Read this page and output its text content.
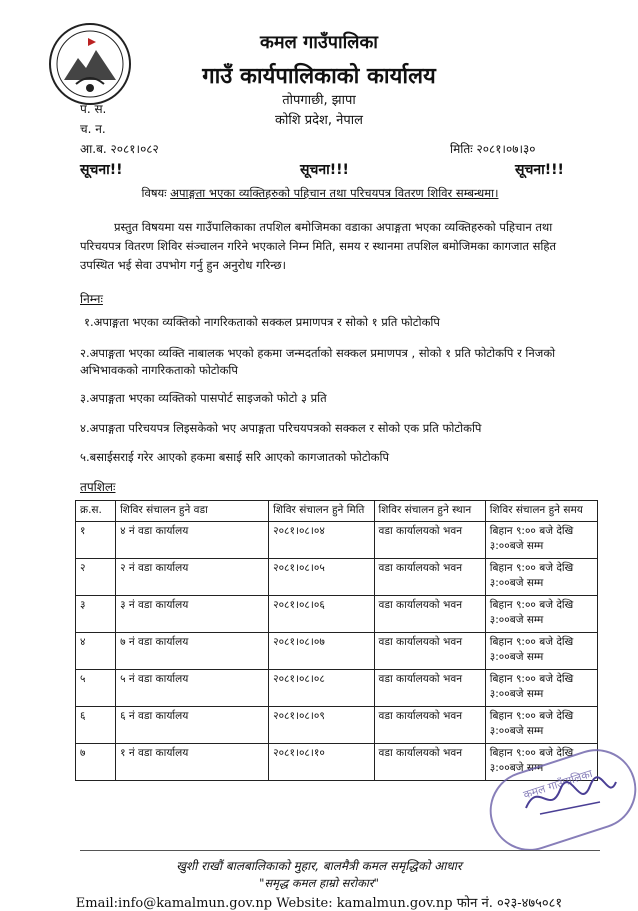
कमल गाउँपालिका
गाउँ कार्यपालिकाको कार्यालय
तोपगाछी, झापा
कोशि प्रदेश, नेपाल
प. स.
च. न.
आ.ब. २०८१।०८२	मितिः २०८१।०७।३०
सूचना!!	सूचना!!!	सूचना!!!
विषयः अपाङ्गता भएका व्यक्तिहरुको पहिचान तथा परिचयपत्र वितरण शिविर सम्बन्धमा।
प्रस्तुत विषयमा यस गाउँपालिकाका तपशिल बमोजिमका वडाका अपाङ्गता भएका व्यक्तिहरुको पहिचान तथा परिचयपत्र वितरण शिविर संञ्चालन गरिने भएकाले निम्न मिति, समय र स्थानमा तपशिल बमोजिमका कागजात सहित उपस्थित भई सेवा उपभोग गर्नु हुन अनुरोध गरिन्छ।
निम्नः
१.अपाङ्गता भएका व्यक्तिको नागरिकताको सक्कल प्रमाणपत्र र सोको १ प्रति फोटोकपि
२.अपाङ्गता भएका व्यक्ति नाबालक भएको हकमा जन्मदर्ताको सक्कल प्रमाणपत्र , सोको १ प्रति फोटोकपि र निजको
अभिभावकको नागरिकताको फोटोकपि
३.अपाङ्गता भएका व्यक्तिको पासपोर्ट साइजको फोटो ३ प्रति
४.अपाङ्गता परिचयपत्र लिइसकेको भए अपाङ्गता परिचयपत्रको सक्कल र सोको एक प्रति फोटोकपि
५.बसाईसराई गरेर आएको हकमा बसाई सरि आएको कागजातको फोटोकपि
तपशिलः
क्र.स.	शिविर संचालन हुने वडा	शिविर संचालन हुने मिति	शिविर संचालन हुने स्थान	शिविर संचालन हुने समय
१	४ नं वडा कार्यालय	२०८१।०८।०४	वडा कार्यालयको भवन	बिहान ९:०० बजे देखि
३:००बजे सम्म

२	२ नं वडा कार्यालय	२०८१।०८।०५	वडा कार्यालयको भवन	बिहान ९:०० बजे देखि
३:००बजे सम्म

३	३ नं वडा कार्यालय	२०८१।०८।०६	वडा कार्यालयको भवन	बिहान ९:०० बजे देखि
३:००बजे सम्म

४	७ नं वडा कार्यालय	२०८१।०८।०७	वडा कार्यालयको भवन	बिहान ९:०० बजे देखि
३:००बजे सम्म

५	५ नं वडा कार्यालय	२०८१।०८।०८	वडा कार्यालयको भवन	बिहान ९:०० बजे देखि
३:००बजे सम्म

६	६ नं वडा कार्यालय	२०८१।०८।०९	वडा कार्यालयको भवन	बिहान ९:०० बजे देखि
३:००बजे सम्म

७	१ नं वडा कार्यालय	२०८१।०८।१०	वडा कार्यालयको भवन	बिहान ९:०० बजे देखि
३:००बजे सम्म
कमल गाउँपालिका
खुशी राखौं बालबालिकाको मुहार, बालमैत्री कमल समृद्धिको आधार
"समृद्ध कमल हाम्रो सरोकार"
Email:info@kamalmun.gov.np Website: kamalmun.gov.np फोन नं. ०२३-४७५०८१
